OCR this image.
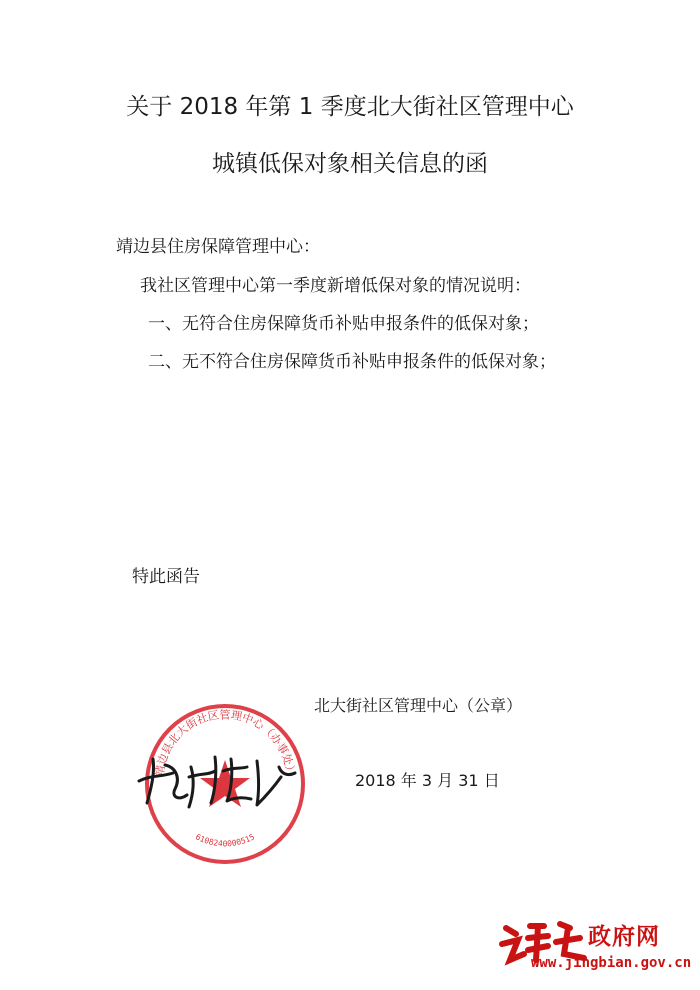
关于 2018 年第 1 季度北大街社区管理中心
城镇低保对象相关信息的函
靖边县住房保障管理中心：
我社区管理中心第一季度新增低保对象的情况说明：
一、无符合住房保障货币补贴申报条件的低保对象；
二、无不符合住房保障货币补贴申报条件的低保对象；
特此函告
靖边县北大街社区管理中心（办事处）
6108240000515
北大街社区管理中心（公章）
2018 年 3 月 31 日
政府网
www.jingbian.gov.cn
